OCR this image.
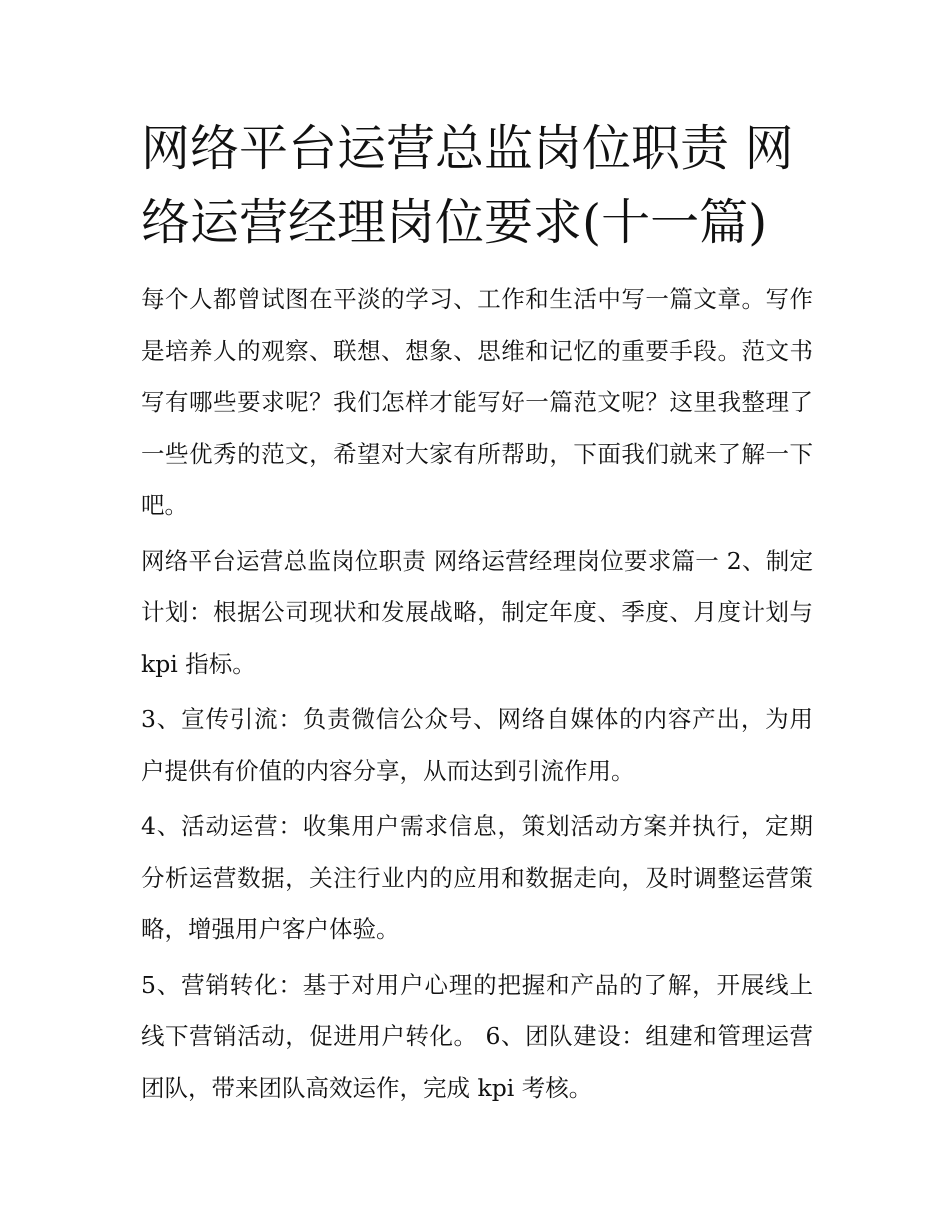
网络平台运营总监岗位职责 网络运营经理岗位要求(十一篇)

每个人都曾试图在平淡的学习、工作和生活中写一篇文章。写作是培养人的观察、联想、想象、思维和记忆的重要手段。范文书写有哪些要求呢？我们怎样才能写好一篇范文呢？这里我整理了一些优秀的范文，希望对大家有所帮助，下面我们就来了解一下吧。

网络平台运营总监岗位职责 网络运营经理岗位要求篇一 2、制定计划：根据公司现状和发展战略，制定年度、季度、月度计划与 kpi 指标。

3、宣传引流：负责微信公众号、网络自媒体的内容产出，为用户提供有价值的内容分享，从而达到引流作用。

4、活动运营：收集用户需求信息，策划活动方案并执行，定期分析运营数据，关注行业内的应用和数据走向，及时调整运营策略，增强用户客户体验。

5、营销转化：基于对用户心理的把握和产品的了解，开展线上线下营销活动，促进用户转化。 6、团队建设：组建和管理运营团队，带来团队高效运作，完成 kpi 考核。
